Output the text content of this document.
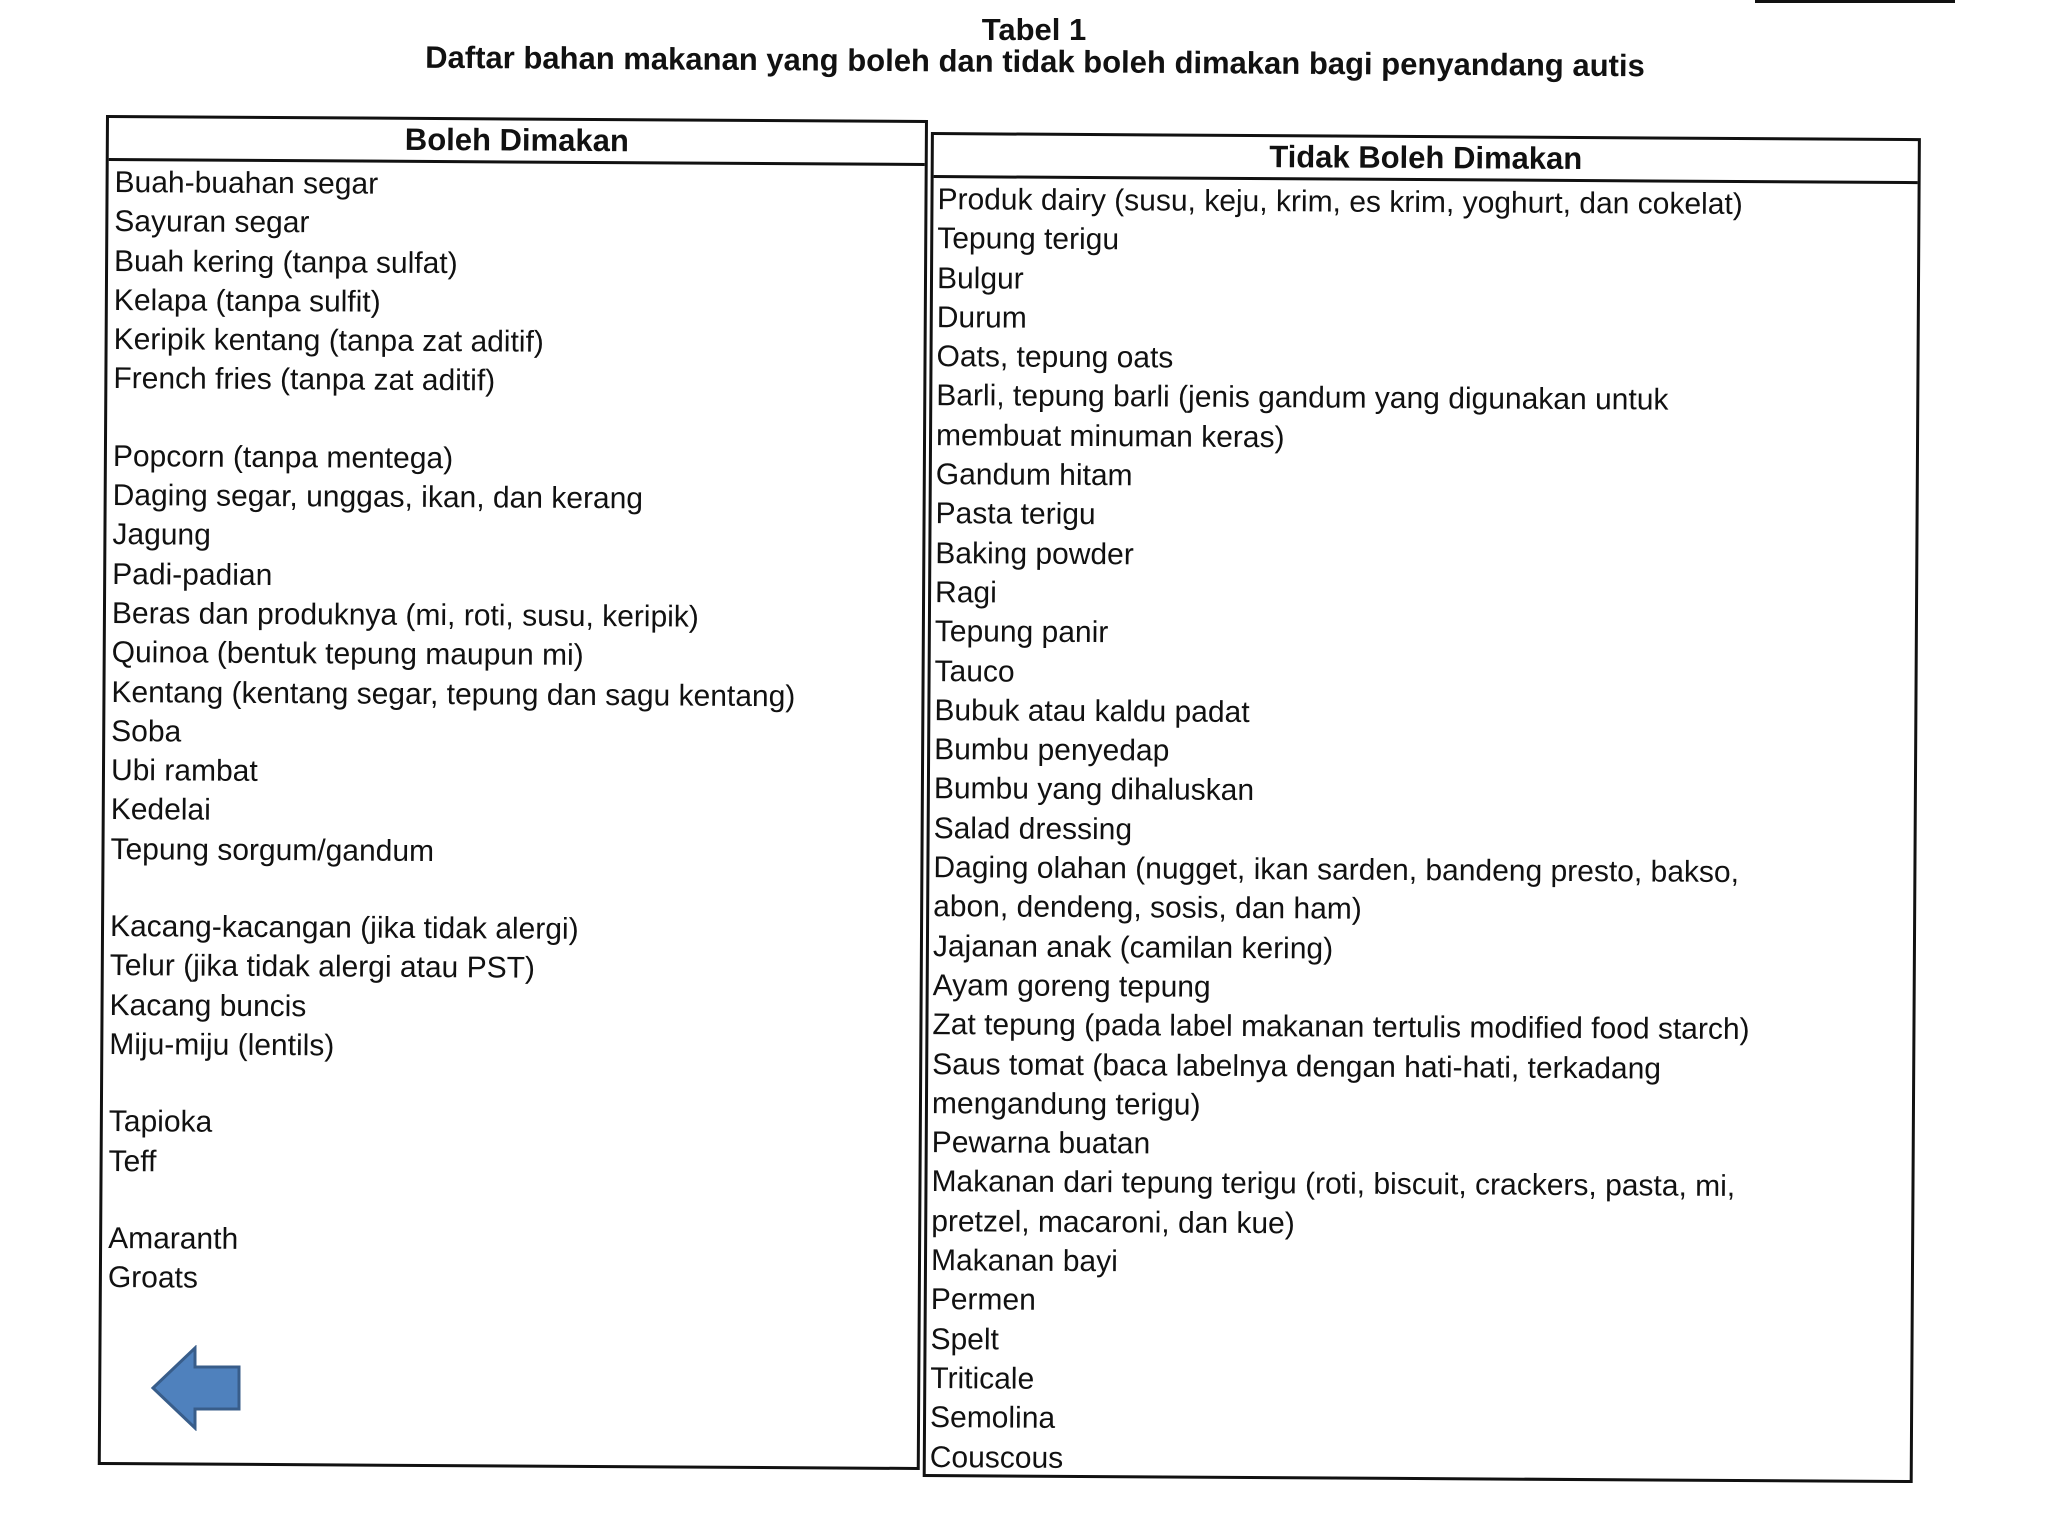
Tabel 1
Daftar bahan makanan yang boleh dan tidak boleh dimakan bagi penyandang autis
Boleh Dimakan
Buah-buahan segar
Sayuran segar
Buah kering (tanpa sulfat)
Kelapa (tanpa sulfit)
Keripik kentang (tanpa zat aditif)
French fries (tanpa zat aditif)
Popcorn (tanpa mentega)
Daging segar, unggas, ikan, dan kerang
Jagung
Padi-padian
Beras dan produknya (mi, roti, susu, keripik)
Quinoa (bentuk tepung maupun mi)
Kentang (kentang segar, tepung dan sagu kentang)
Soba
Ubi rambat
Kedelai
Tepung sorgum/gandum
Kacang-kacangan (jika tidak alergi)
Telur (jika tidak alergi atau PST)
Kacang buncis
Miju-miju (lentils)
Tapioka
Teff
Amaranth
Groats
Tidak Boleh Dimakan
Produk dairy (susu, keju, krim, es krim, yoghurt, dan cokelat)
Tepung terigu
Bulgur
Durum
Oats, tepung oats
Barli, tepung barli (jenis gandum yang digunakan untuk
membuat minuman keras)
Gandum hitam
Pasta terigu
Baking powder
Ragi
Tepung panir
Tauco
Bubuk atau kaldu padat
Bumbu penyedap
Bumbu yang dihaluskan
Salad dressing
Daging olahan (nugget, ikan sarden, bandeng presto, bakso,
abon, dendeng, sosis, dan ham)
Jajanan anak (camilan kering)
Ayam goreng tepung
Zat tepung (pada label makanan tertulis modified food starch)
Saus tomat (baca labelnya dengan hati-hati, terkadang
mengandung terigu)
Pewarna buatan
Makanan dari tepung terigu (roti, biscuit, crackers, pasta, mi,
pretzel, macaroni, dan kue)
Makanan bayi
Permen
Spelt
Triticale
Semolina
Couscous
